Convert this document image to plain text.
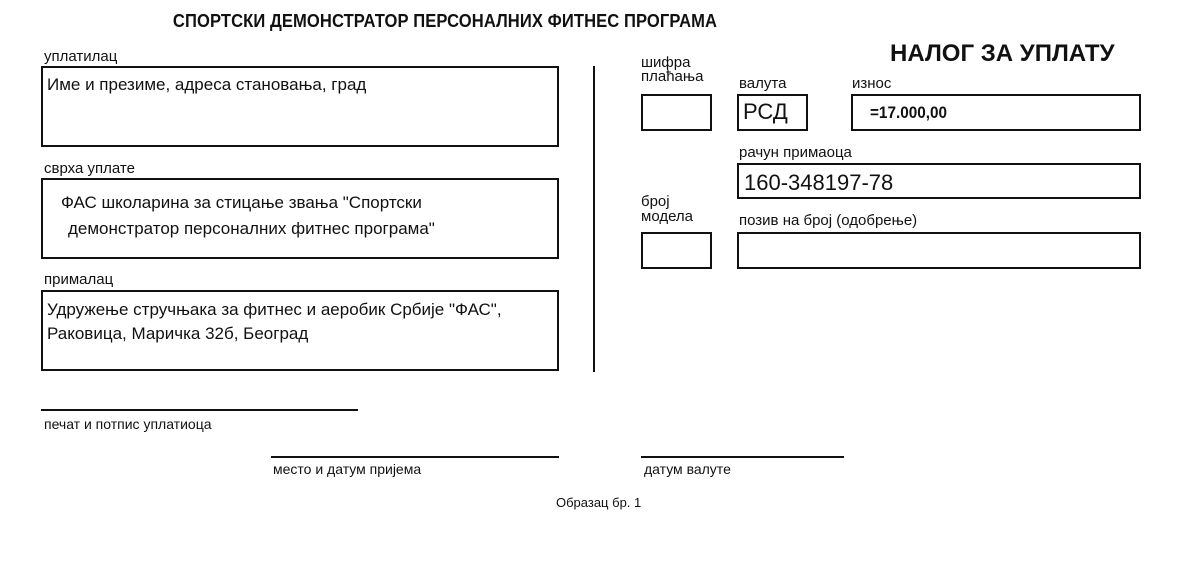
СПОРТСКИ ДЕМОНСТРАТОР ПЕРСОНАЛНИХ ФИТНЕС ПРОГРАМА
НАЛОГ ЗА УПЛАТУ
уплатилац
Име и презиме, адреса становања, град
сврха уплате
ФАС школарина за стицање звања "Спортски
демонстратор персоналних фитнес програма"
прималац
Удружење стручњака за фитнес и аеробик Србије "ФАС",
Раковица, Маричка 32б, Београд
шифра
плаћања валута
РСД
износ
=17.000,00
рачун примаоца
160-348197-78
број
модела	позив на број (одобрење)
печат и потпис уплатиоца
место и датум пријема	датум валуте
Образац бр. 1
